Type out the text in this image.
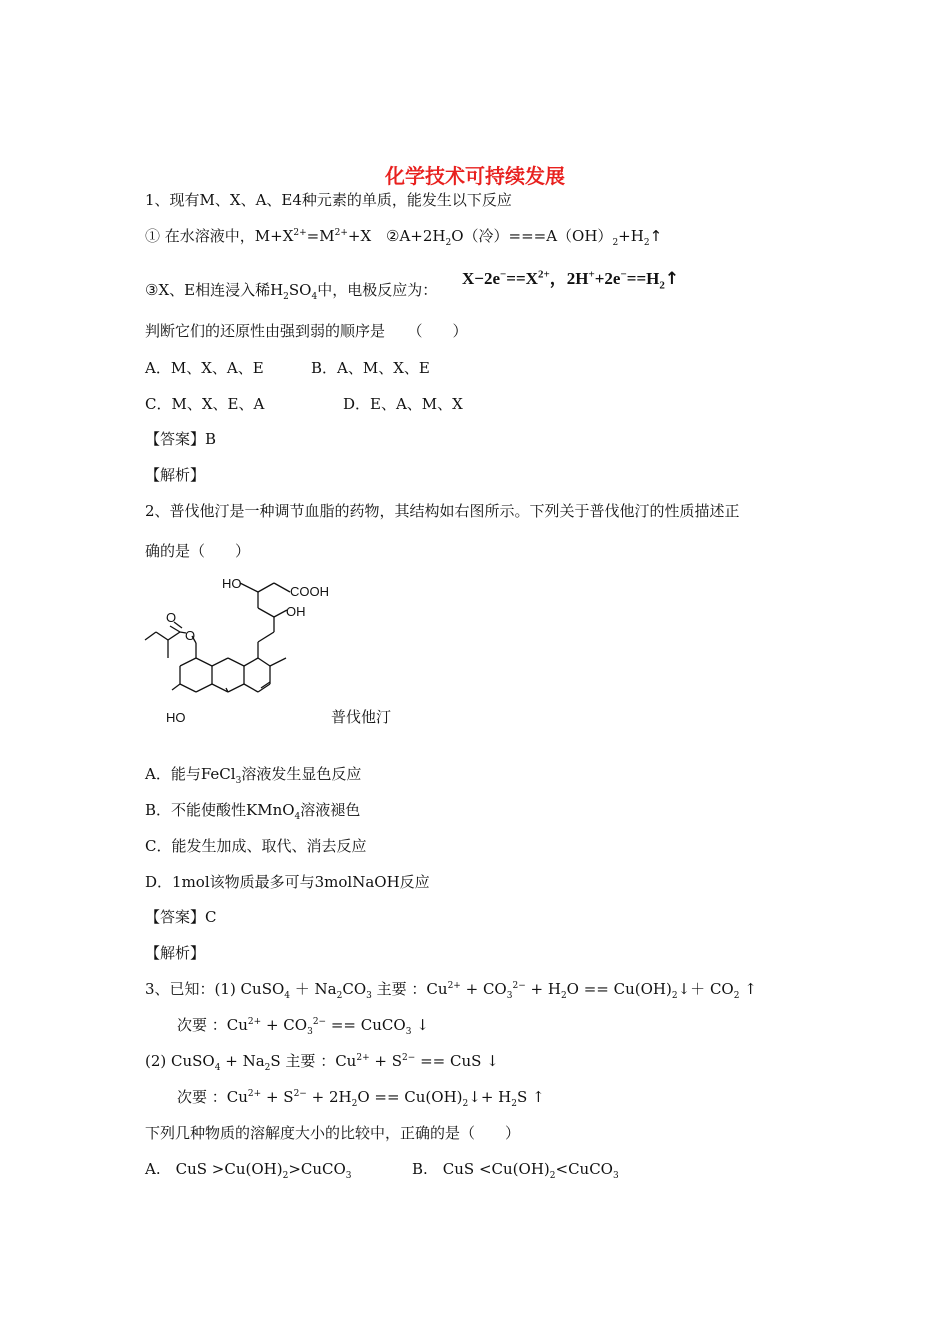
化学技术可持续发展
1、现有M、X、A、E4种元素的单质，能发生以下反应
① 在水溶液中，$M+X^{2+}=M^{2+}+X$ $②A+2H_2O$（冷）$===A(OH)_2+H_2↑$
③X、E相连浸入稀$H_2SO_4$中，电极反应为：
$X-2e^-==X^{2+}$，$2H^++2e^-==H_2↑$
判断它们的还原性由强到弱的顺序是　　（　　）
A．M、X、A、E	B．A、M、X、E
C．M、X、E、A	D．E、A、M、X
【答案】B
【解析】
2、普伐他汀是一种调节血脂的药物，其结构如右图所示。下列关于普伐他汀的性质描述正
确的是（　　）
HO
COOH
OH
O
O
HO	普伐他汀
A．能与FeCl$_3$溶液发生显色反应
B．不能使酸性KMnO$_4$溶液褪色
C．能发生加成、取代、消去反应
D．1mol该物质最多可与3molNaOH反应
【答案】C
【解析】
3、已知：(1) CuSO$_4$ ＋ $Na_2CO_3$ 主要 ：$Cu^{2+} + CO_3^{2-} + H_2O$ == $Cu(OH)_2↓+ CO_2$ ↑
次要 ：$Cu^{2+} + CO_3^{2-}$ == CuCO$_3$ ↓
(2) CuSO$_4$ + $Na_2S$ 主要 ：$Cu^{2+} + S^{2-}$ == CuS ↓
次要 ：$Cu^{2+} + S^{2-} + 2H_2O$ == $Cu(OH)_2↓+ H_2S$ ↑
下列几种物质的溶解度大小的比较中，正确的是（　　）
A.　CuS $>Cu(OH)_2>CuCO_3$	B.　CuS $<Cu(OH)_2<CuCO_3$
